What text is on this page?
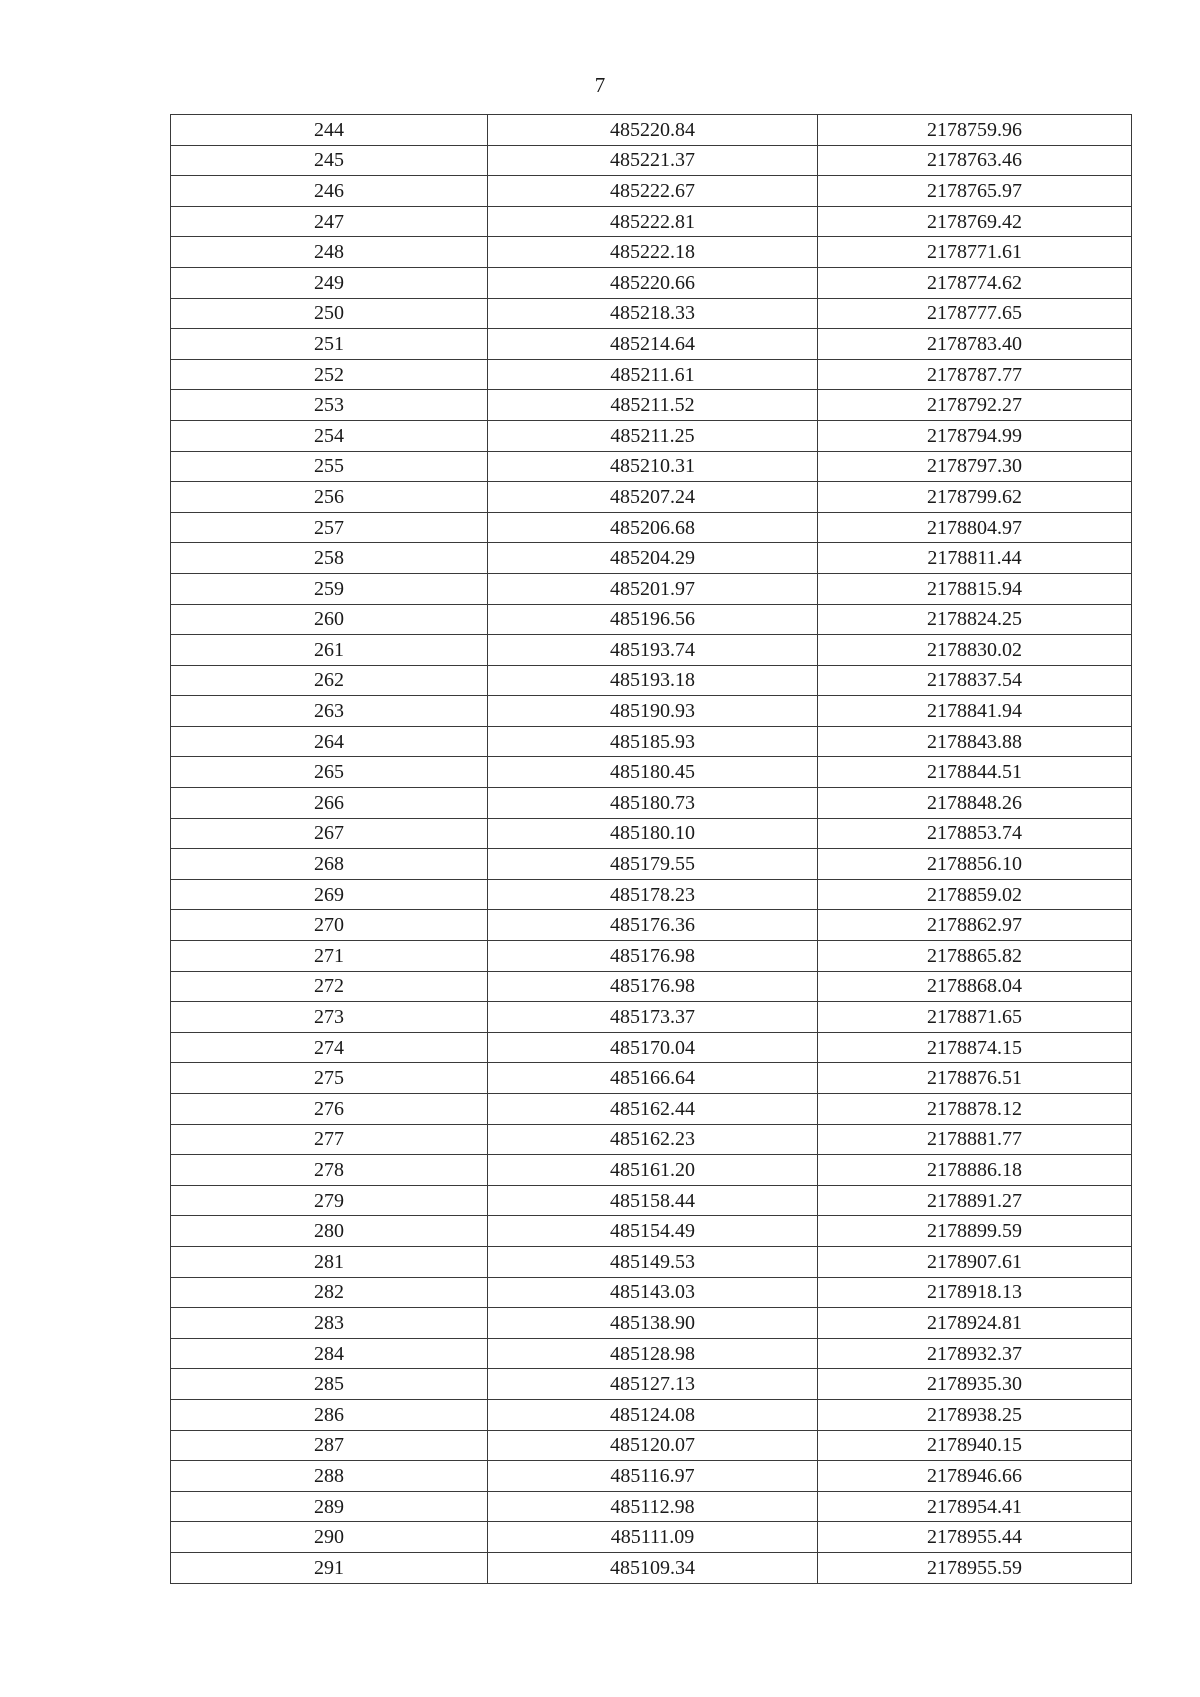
7
244	485220.84	2178759.96
245	485221.37	2178763.46
246	485222.67	2178765.97
247	485222.81	2178769.42
248	485222.18	2178771.61
249	485220.66	2178774.62
250	485218.33	2178777.65
251	485214.64	2178783.40
252	485211.61	2178787.77
253	485211.52	2178792.27
254	485211.25	2178794.99
255	485210.31	2178797.30
256	485207.24	2178799.62
257	485206.68	2178804.97
258	485204.29	2178811.44
259	485201.97	2178815.94
260	485196.56	2178824.25
261	485193.74	2178830.02
262	485193.18	2178837.54
263	485190.93	2178841.94
264	485185.93	2178843.88
265	485180.45	2178844.51
266	485180.73	2178848.26
267	485180.10	2178853.74
268	485179.55	2178856.10
269	485178.23	2178859.02
270	485176.36	2178862.97
271	485176.98	2178865.82
272	485176.98	2178868.04
273	485173.37	2178871.65
274	485170.04	2178874.15
275	485166.64	2178876.51
276	485162.44	2178878.12
277	485162.23	2178881.77
278	485161.20	2178886.18
279	485158.44	2178891.27
280	485154.49	2178899.59
281	485149.53	2178907.61
282	485143.03	2178918.13
283	485138.90	2178924.81
284	485128.98	2178932.37
285	485127.13	2178935.30
286	485124.08	2178938.25
287	485120.07	2178940.15
288	485116.97	2178946.66
289	485112.98	2178954.41
290	485111.09	2178955.44
291	485109.34	2178955.59
